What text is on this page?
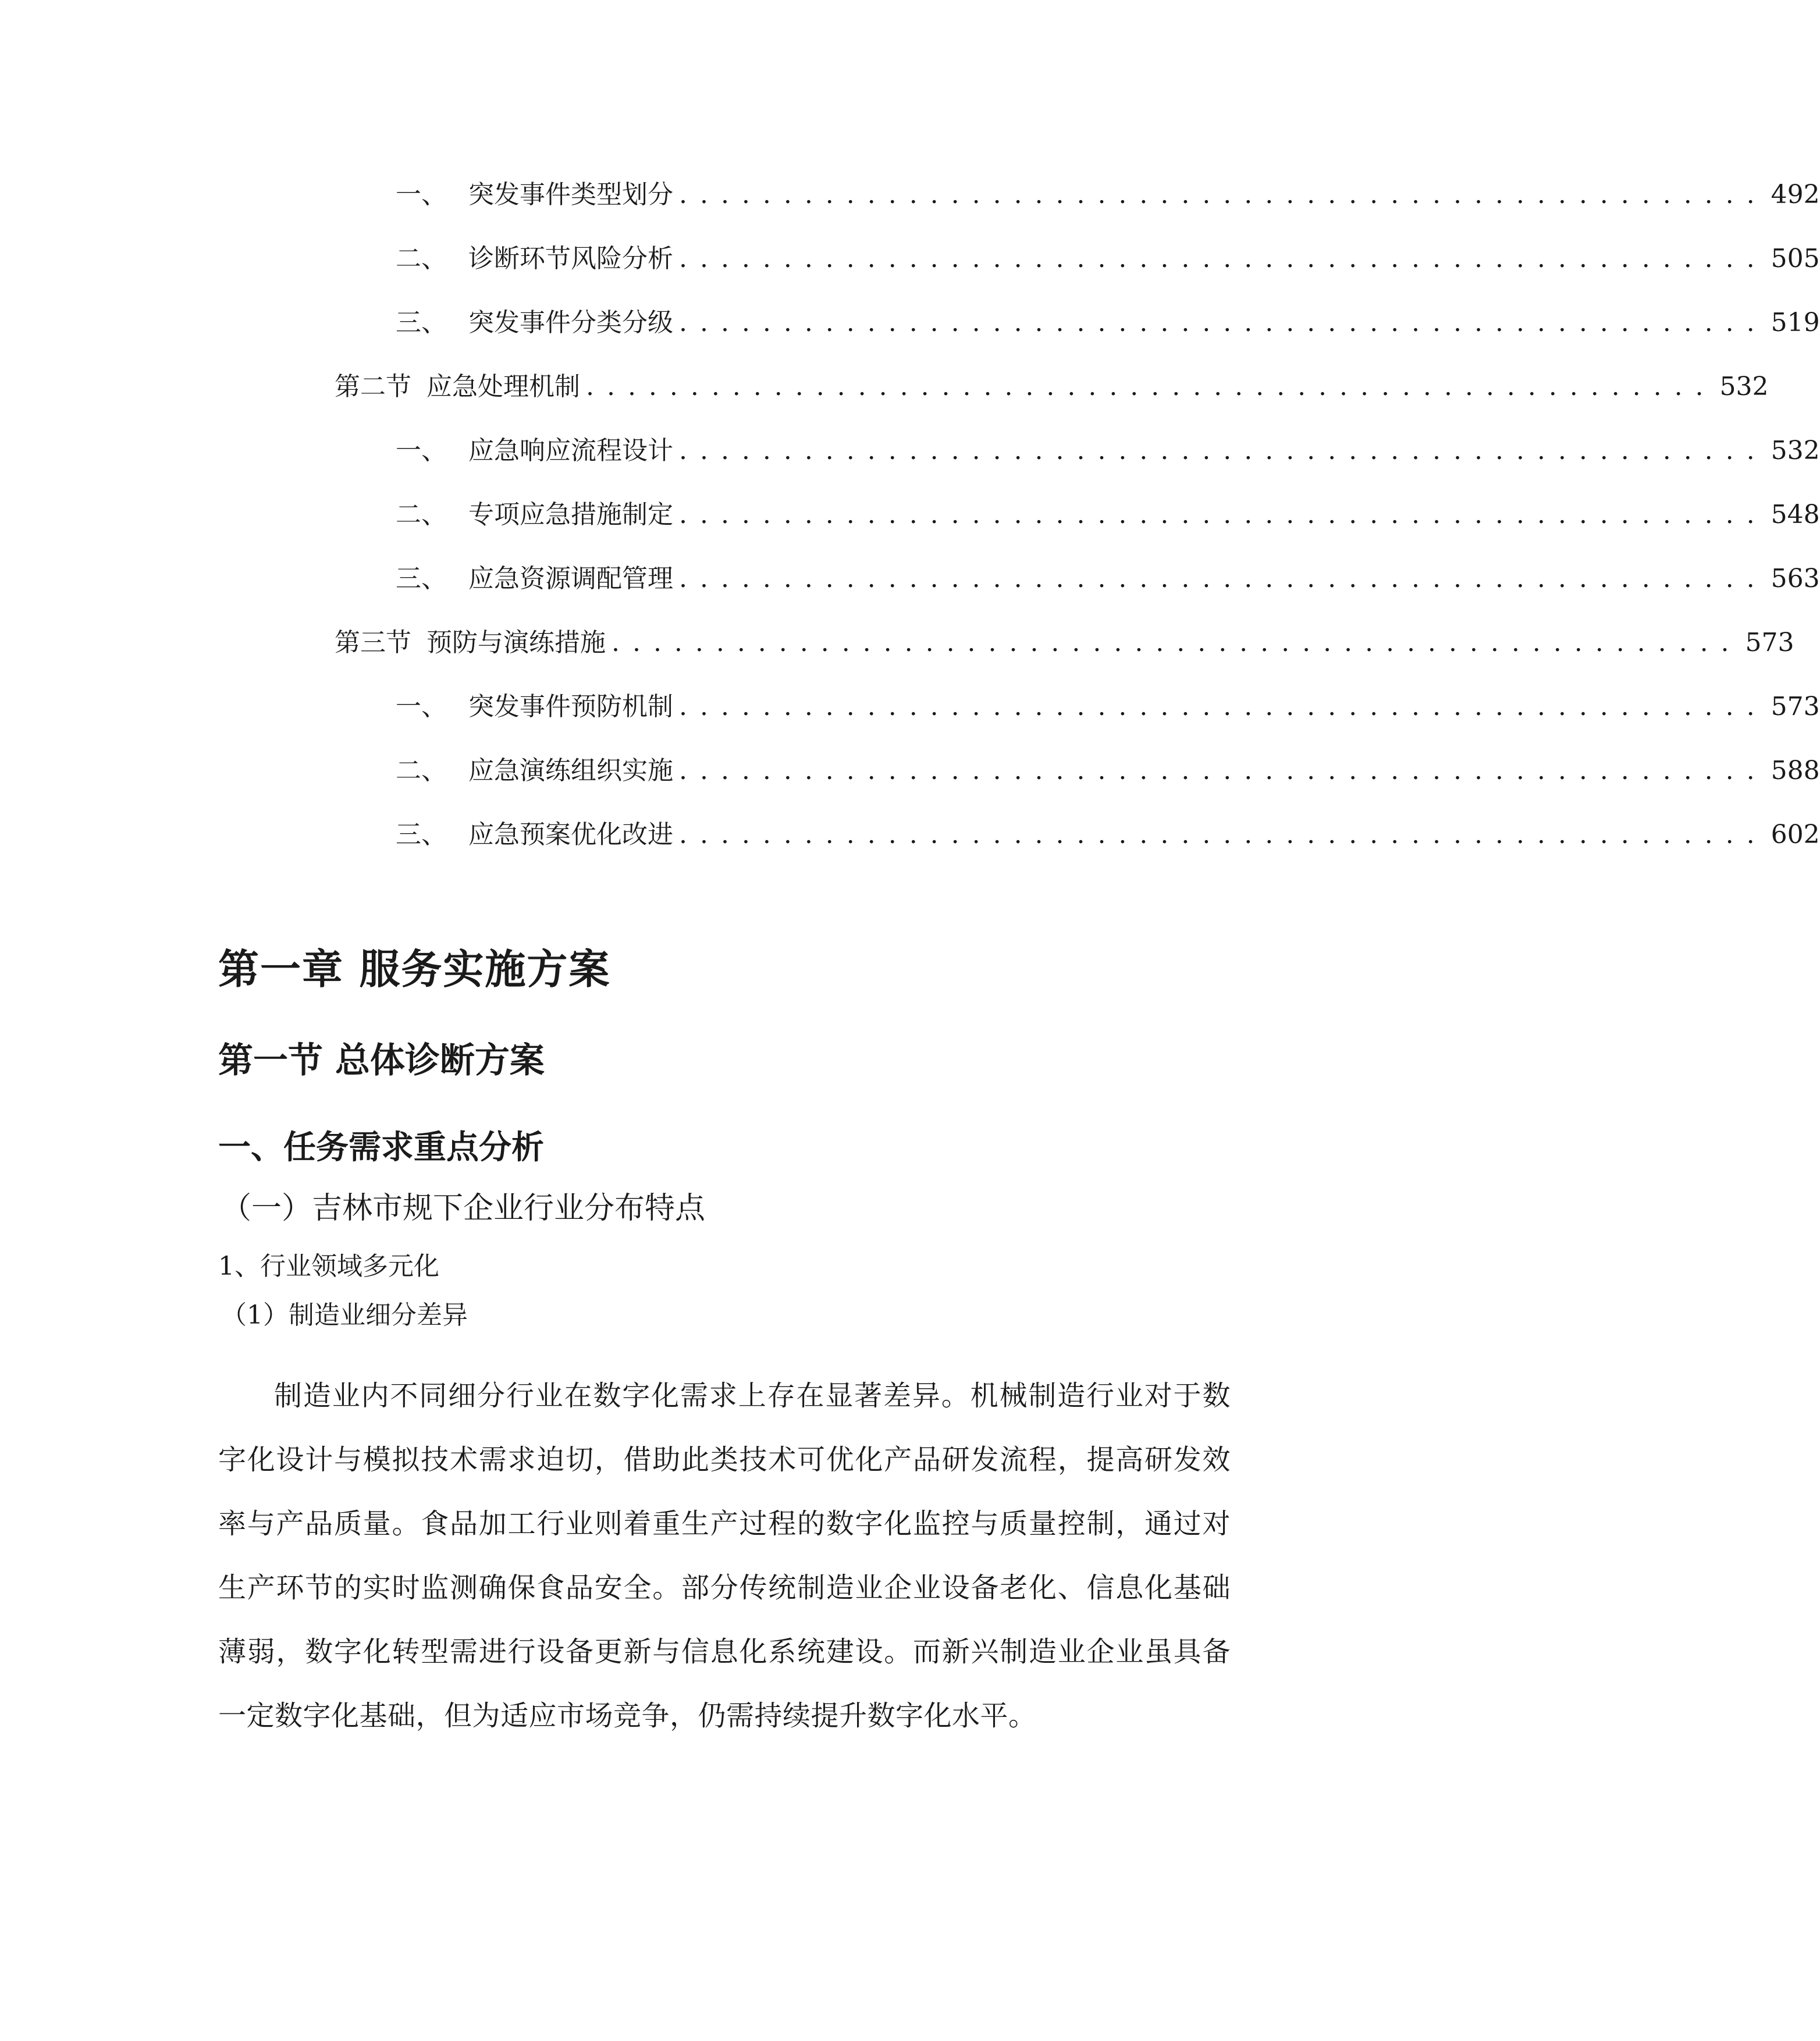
一、 突发事件类型划分 . . . . . . . . . . . . . . . . . . . . . . . . . . . . . . . . . . . . . . . . . . . . . . . . . . . . 492
二、 诊断环节风险分析 . . . . . . . . . . . . . . . . . . . . . . . . . . . . . . . . . . . . . . . . . . . . . . . . . . . . 505
三、 突发事件分类分级 . . . . . . . . . . . . . . . . . . . . . . . . . . . . . . . . . . . . . . . . . . . . . . . . . . . . 519
第二节 应急处理机制 . . . . . . . . . . . . . . . . . . . . . . . . . . . . . . . . . . . . . . . . . . . . . . . . . . . . . . 532
一、 应急响应流程设计 . . . . . . . . . . . . . . . . . . . . . . . . . . . . . . . . . . . . . . . . . . . . . . . . . . . . 532
二、 专项应急措施制定 . . . . . . . . . . . . . . . . . . . . . . . . . . . . . . . . . . . . . . . . . . . . . . . . . . . . 548
三、 应急资源调配管理 . . . . . . . . . . . . . . . . . . . . . . . . . . . . . . . . . . . . . . . . . . . . . . . . . . . . 563
第三节 预防与演练措施 . . . . . . . . . . . . . . . . . . . . . . . . . . . . . . . . . . . . . . . . . . . . . . . . . . . . . . 573
一、 突发事件预防机制 . . . . . . . . . . . . . . . . . . . . . . . . . . . . . . . . . . . . . . . . . . . . . . . . . . . . 573
二、 应急演练组织实施 . . . . . . . . . . . . . . . . . . . . . . . . . . . . . . . . . . . . . . . . . . . . . . . . . . . . 588
三、 应急预案优化改进 . . . . . . . . . . . . . . . . . . . . . . . . . . . . . . . . . . . . . . . . . . . . . . . . . . . . 602
第一章 服务实施方案
第一节 总体诊断方案
一、任务需求重点分析
（一）吉林市规下企业行业分布特点
1、行业领域多元化
（1）制造业细分差异

制造业内不同细分行业在数字化需求上存在显著差异。机械制造行业对于数字化设计与模拟技术需求迫切，借助此类技术可优化产品研发流程，提高研发效率与产品质量。食品加工行业则着重生产过程的数字化监控与质量控制，通过对生产环节的实时监测确保食品安全。部分传统制造业企业设备老化、信息化基础薄弱，数字化转型需进行设备更新与信息化系统建设。而新兴制造业企业虽具备一定数字化基础，但为适应市场竞争，仍需持续提升数字化水平。
